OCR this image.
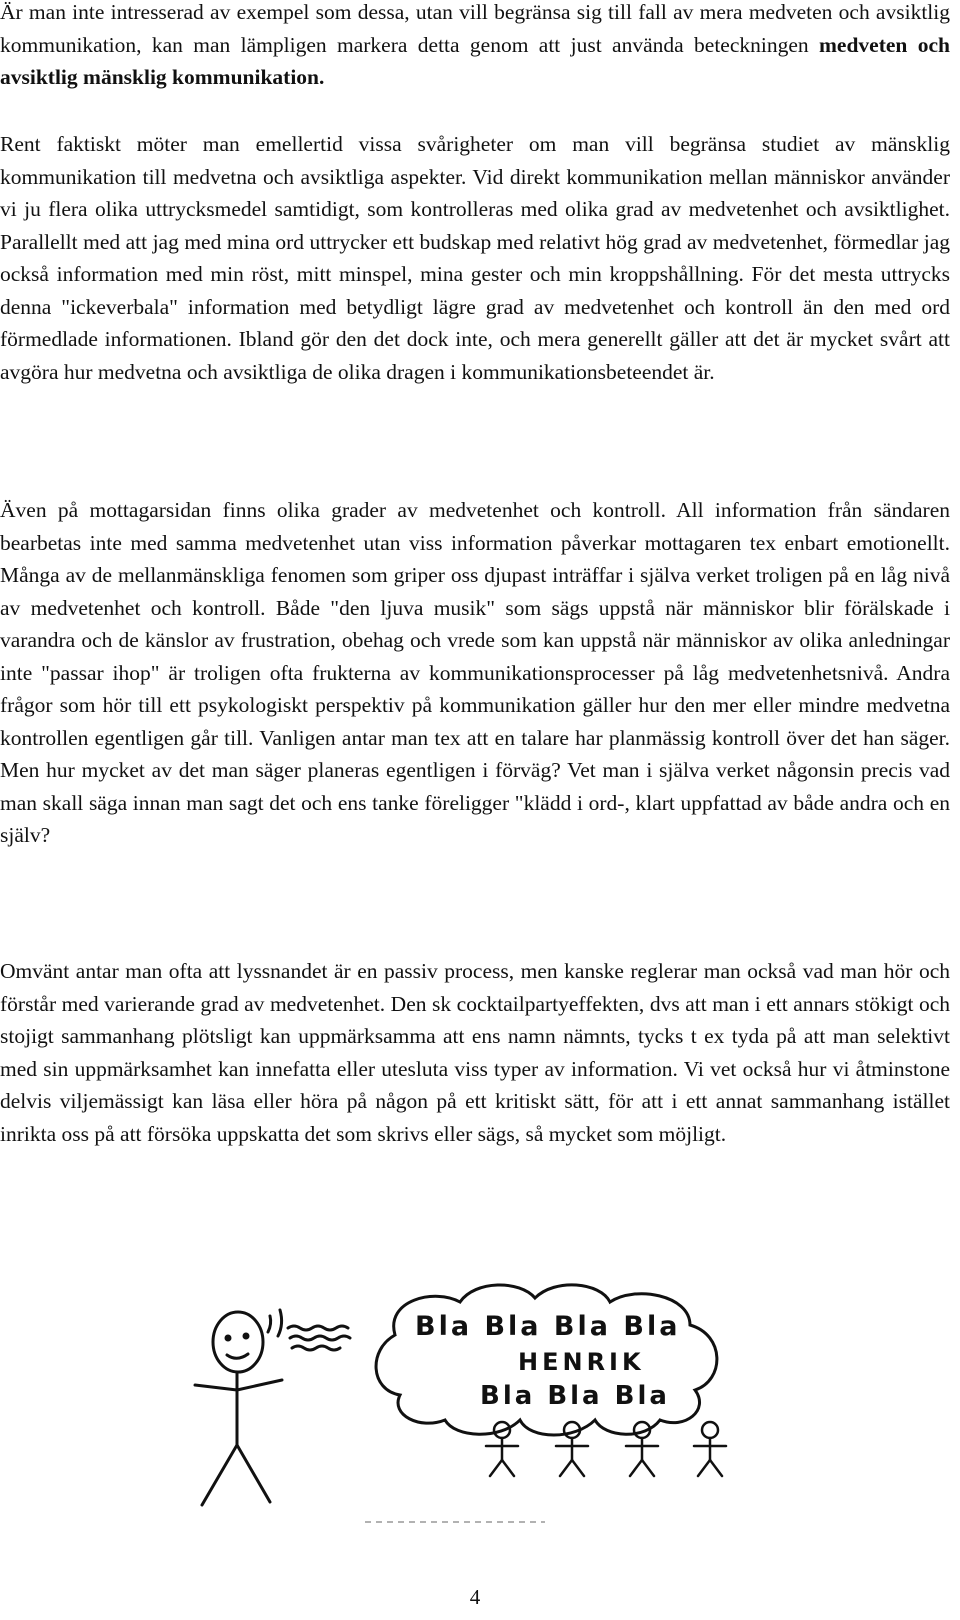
Är man inte intresserad av exempel som dessa, utan vill begränsa sig till fall av mera medveten och avsiktlig kommunikation, kan man lämpligen markera detta genom att just använda beteckningen medveten och avsiktlig mänsklig kommunikation.

Rent faktiskt möter man emellertid vissa svårigheter om man vill begränsa studiet av mänsklig kommunikation till medvetna och avsiktliga aspekter. Vid direkt kommunikation mellan människor använder vi ju flera olika uttrycksmedel samtidigt, som kontrolleras med olika grad av medvetenhet och avsiktlighet. Parallellt med att jag med mina ord uttrycker ett budskap med relativt hög grad av medvetenhet, förmedlar jag också information med min röst, mitt minspel, mina gester och min kroppshållning. För det mesta uttrycks denna "ickeverbala" information med betydligt lägre grad av medvetenhet och kontroll än den med ord förmedlade informationen. Ibland gör den det dock inte, och mera generellt gäller att det är mycket svårt att avgöra hur medvetna och avsiktliga de olika dragen i kommunikationsbeteendet är.

Även på mottagarsidan finns olika grader av medvetenhet och kontroll. All information från sändaren bearbetas inte med samma medvetenhet utan viss information påverkar mottagaren tex enbart emotionellt. Många av de mellanmänskliga fenomen som griper oss djupast inträffar i själva verket troligen på en låg nivå av medvetenhet och kontroll. Både "den ljuva musik" som sägs uppstå när människor blir förälskade i varandra och de känslor av frustration, obehag och vrede som kan uppstå när människor av olika anledningar inte "passar ihop" är troligen ofta frukterna av kommunikationsprocesser på låg medvetenhetsnivå. Andra frågor som hör till ett psykologiskt perspektiv på kommunikation gäller hur den mer eller mindre medvetna kontrollen egentligen går till. Vanligen antar man tex att en talare har planmässig kontroll över det han säger. Men hur mycket av det man säger planeras egentligen i förväg? Vet man i själva verket någonsin precis vad man skall säga innan man sagt det och ens tanke föreligger "klädd i ord-, klart uppfattad av både andra och en själv?

Omvänt antar man ofta att lyssnandet är en passiv process, men kanske reglerar man också vad man hör och förstår med varierande grad av medvetenhet. Den sk cocktailpartyeffekten, dvs att man i ett annars stökigt och stojigt sammanhang plötsligt kan uppmärksamma att ens namn nämnts, tycks t ex tyda på att man selektivt med sin uppmärksamhet kan innefatta eller utesluta viss typer av information. Vi vet också hur vi åtminstone delvis viljemässigt kan läsa eller höra på någon på ett kritiskt sätt, för att i ett annat sammanhang istället inrikta oss på att försöka uppskatta det som skrivs eller sägs, så mycket som möjligt.

Bla Bla Bla Bla
HENRIK
Bla Bla Bla
4
